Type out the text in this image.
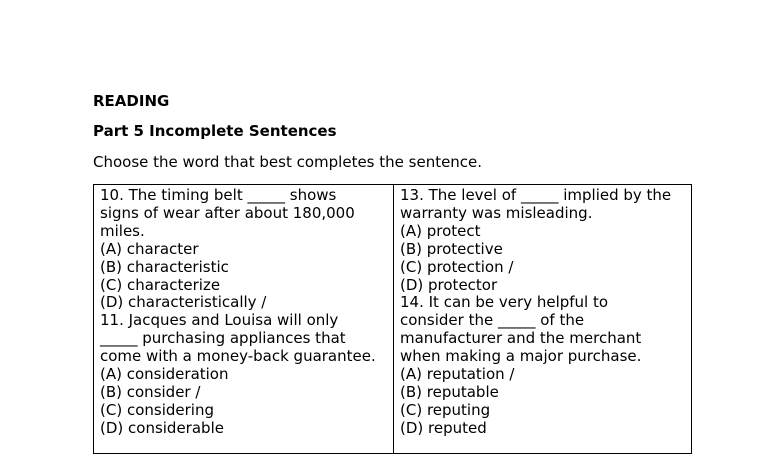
READING
Part 5 Incomplete Sentences

Choose the word that best completes the sentence.

10. The timing belt _____ shows
signs of wear after about 180,000
miles.
(A) character
(B) characteristic
(C) characterize
(D) characteristically /
11. Jacques and Louisa will only
_____ purchasing appliances that
come with a money-back guarantee.
(A) consideration
(B) consider /
(C) considering
(D) considerable
13. The level of _____ implied by the
warranty was misleading.
(A) protect
(B) protective
(C) protection /
(D) protector
14. It can be very helpful to
consider the _____ of the
manufacturer and the merchant
when making a major purchase.
(A) reputation /
(B) reputable
(C) reputing
(D) reputed
